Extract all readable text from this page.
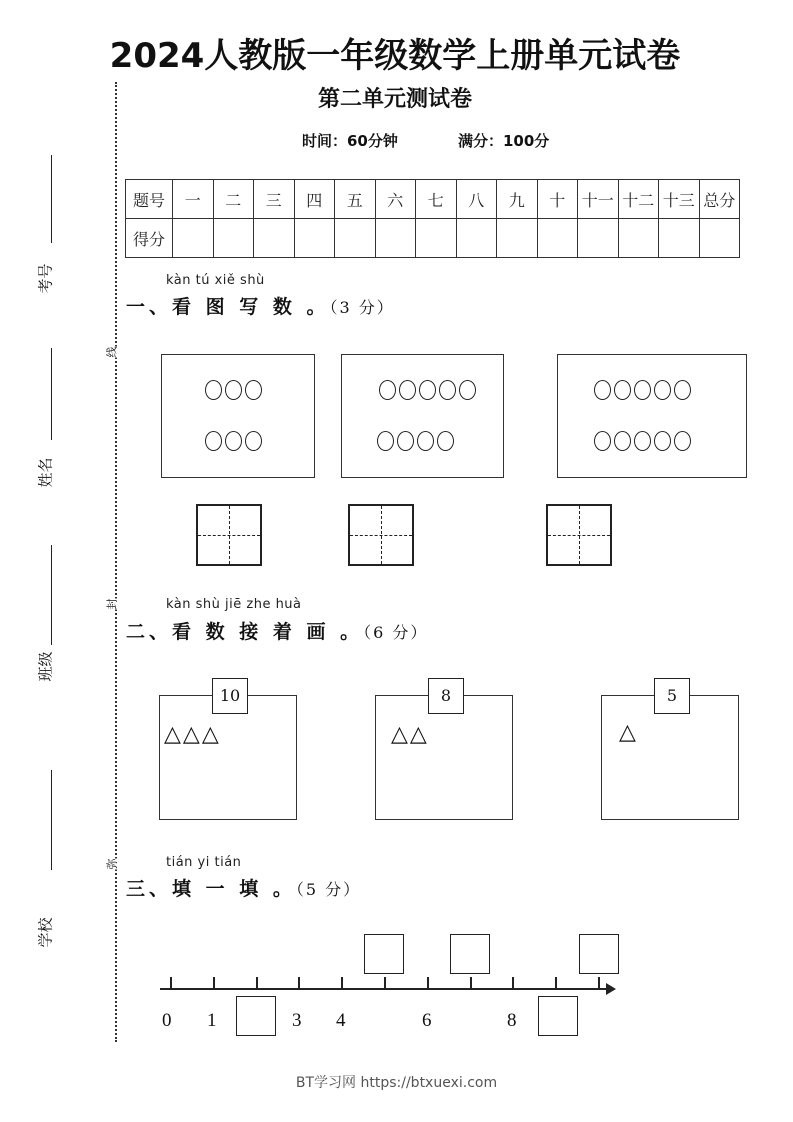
线
封
弥
考号
姓名
班级
学校
2024人教版一年级数学上册单元试卷
第二单元测试卷
时间：60分钟	满分：100分
题号	一	二	三	四	五	六	七	八	九	十	十一	十二	十三	总分
得分														
kàn tú xiě shù
一、看 图 写 数 。（3 分）
kàn shù jiē zhe huà
二、看 数 接 着 画 。（6 分）
△△△
10
△△
8
△
5
tián yi tián
三、填 一 填 。（5 分）
0 1	3 4	6	8
BT学习网 https://btxuexi.com
